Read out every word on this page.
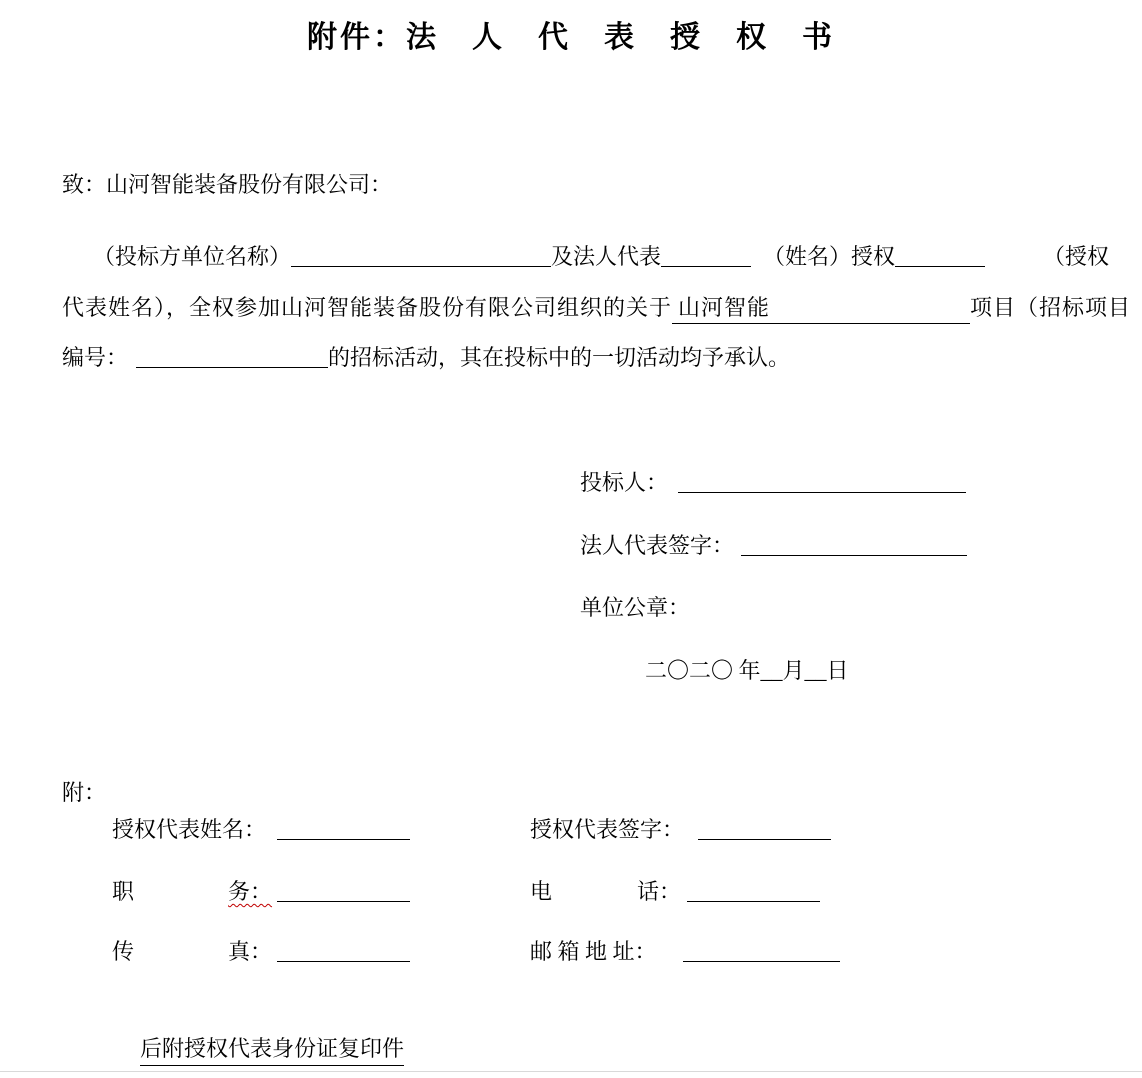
附件：法　人　代　表　授　权　书
致：山河智能装备股份有限公司：
（投标方单位名称）	及法人代表	（姓名）授权	（授权
代表姓名），全权参加山河智能装备股份有限公司组织的关于 山河智能	项目（招标项目
编号：	的招标活动，其在投标中的一切活动均予承认。
投标人：
法人代表签字：
单位公章：
二〇二〇 年__月__日
附：
授权代表姓名：	授权代表签字：
职	务：	电	话：
传	真：	邮 箱 地 址：
后附授权代表身份证复印件
